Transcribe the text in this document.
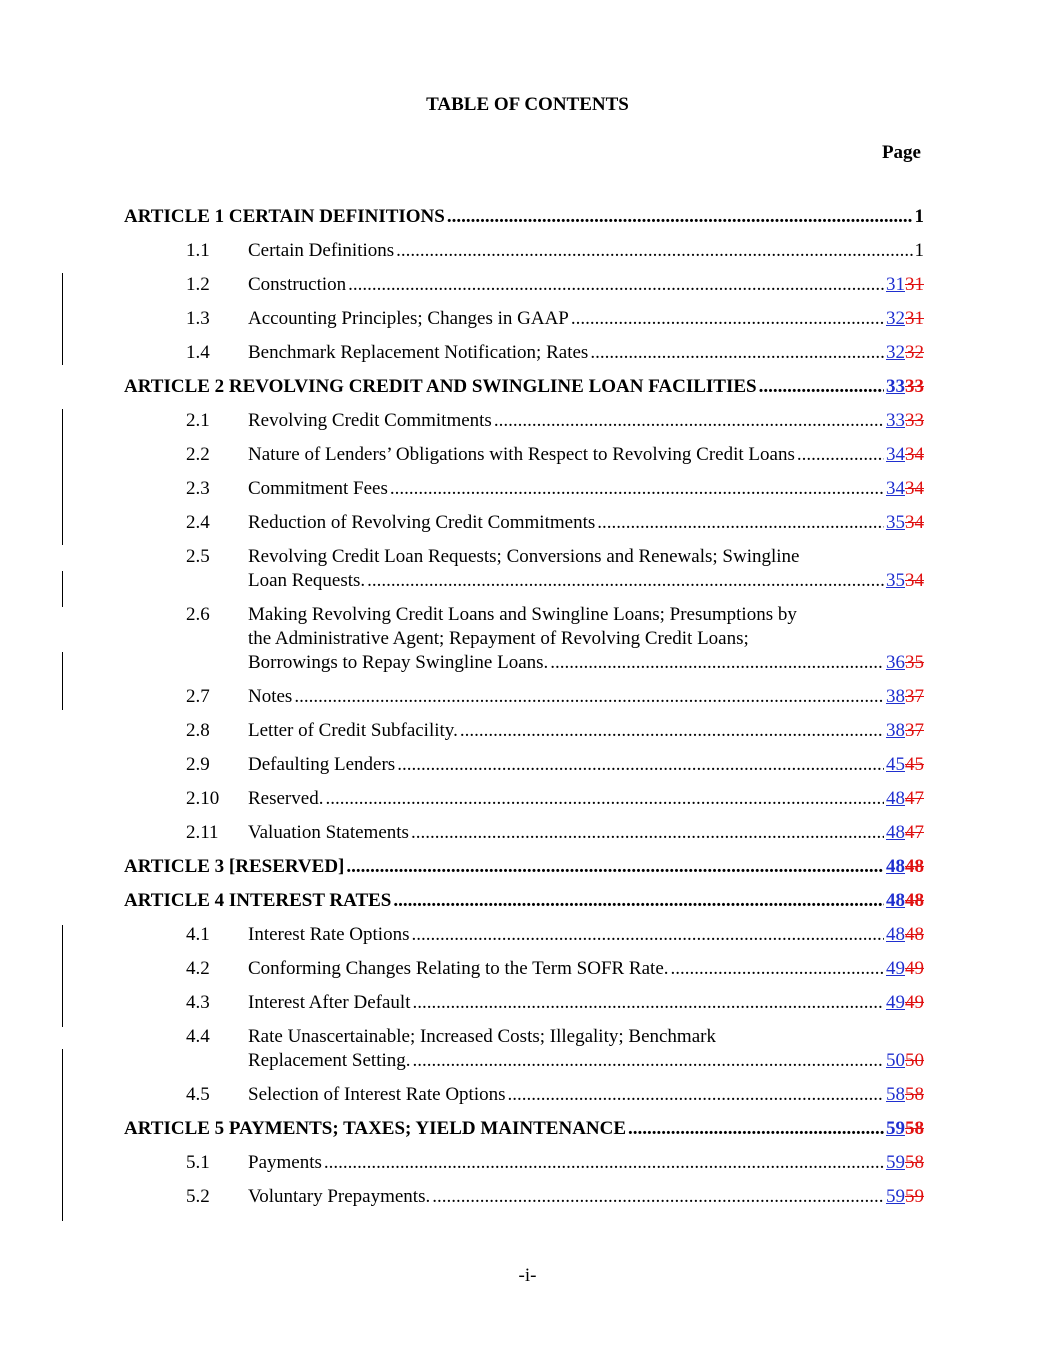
TABLE OF CONTENTS
Page
ARTICLE 1 CERTAIN DEFINITIONS .....	1
1.1	Certain Definitions .....	1
1.2	Construction .....	3131
1.3	Accounting Principles; Changes in GAAP .....	3231
1.4	Benchmark Replacement Notification; Rates .....	3232
ARTICLE 2 REVOLVING CREDIT AND SWINGLINE LOAN FACILITIES .....	3333
2.1	Revolving Credit Commitments .....	3333
2.2	Nature of Lenders’ Obligations with Respect to Revolving Credit Loans .....	3434
2.3	Commitment Fees .....	3434
2.4	Reduction of Revolving Credit Commitments .....	3534
2.5	Revolving Credit Loan Requests; Conversions and Renewals; Swingline
Loan Requests. .....	3534
2.6	Making Revolving Credit Loans and Swingline Loans; Presumptions by
the Administrative Agent; Repayment of Revolving Credit Loans;
Borrowings to Repay Swingline Loans. .....	3635
2.7	Notes .....	3837
2.8	Letter of Credit Subfacility. .....	3837
2.9	Defaulting Lenders .....	4545
2.10	Reserved. .....	4847
2.11	Valuation Statements .....	4847
ARTICLE 3 [RESERVED] .....	4848
ARTICLE 4 INTEREST RATES .....	4848
4.1	Interest Rate Options .....	4848
4.2	Conforming Changes Relating to the Term SOFR Rate. .....	4949
4.3	Interest After Default .....	4949
4.4	Rate Unascertainable; Increased Costs; Illegality; Benchmark
Replacement Setting. .....	5050
4.5	Selection of Interest Rate Options .....	5858
ARTICLE 5 PAYMENTS; TAXES; YIELD MAINTENANCE .....	5958
5.1	Payments .....	5958
5.2	Voluntary Prepayments. .....	5959
-i-
